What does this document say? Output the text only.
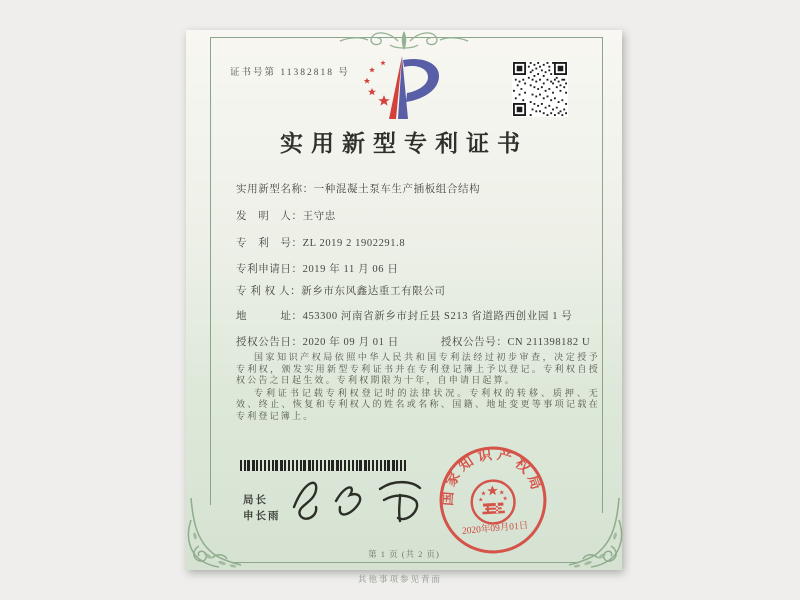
证书号第 11382818 号
实用新型专利证书
实用新型名称：一种混凝土泵车生产插板组合结构
发　明　人：王守忠
专　利　号：ZL 2019 2 1902291.8
专利申请日：2019 年 11 月 06 日
专 利 权 人：新乡市东风鑫达重工有限公司
地　　　址：453300 河南省新乡市封丘县 S213 省道路西创业园 1 号
授权公告日：2020 年 09 月 01 日	授权公告号：CN 211398182 U

国家知识产权局依照中华人民共和国专利法经过初步审查，决定授予专利权，颁发实用新型专利证书并在专利登记簿上予以登记。专利权自授权公告之日起生效。专利权期限为十年，自申请日起算。

专利证书记载专利权登记时的法律状况。专利权的转移、质押、无效、终止、恢复和专利权人的姓名或名称、国籍、地址变更等事项记载在专利登记簿上。

局长
申长雨
国家知识产权局
2020年09月01日
第 1 页 (共 2 页)
其他事项参见背面
